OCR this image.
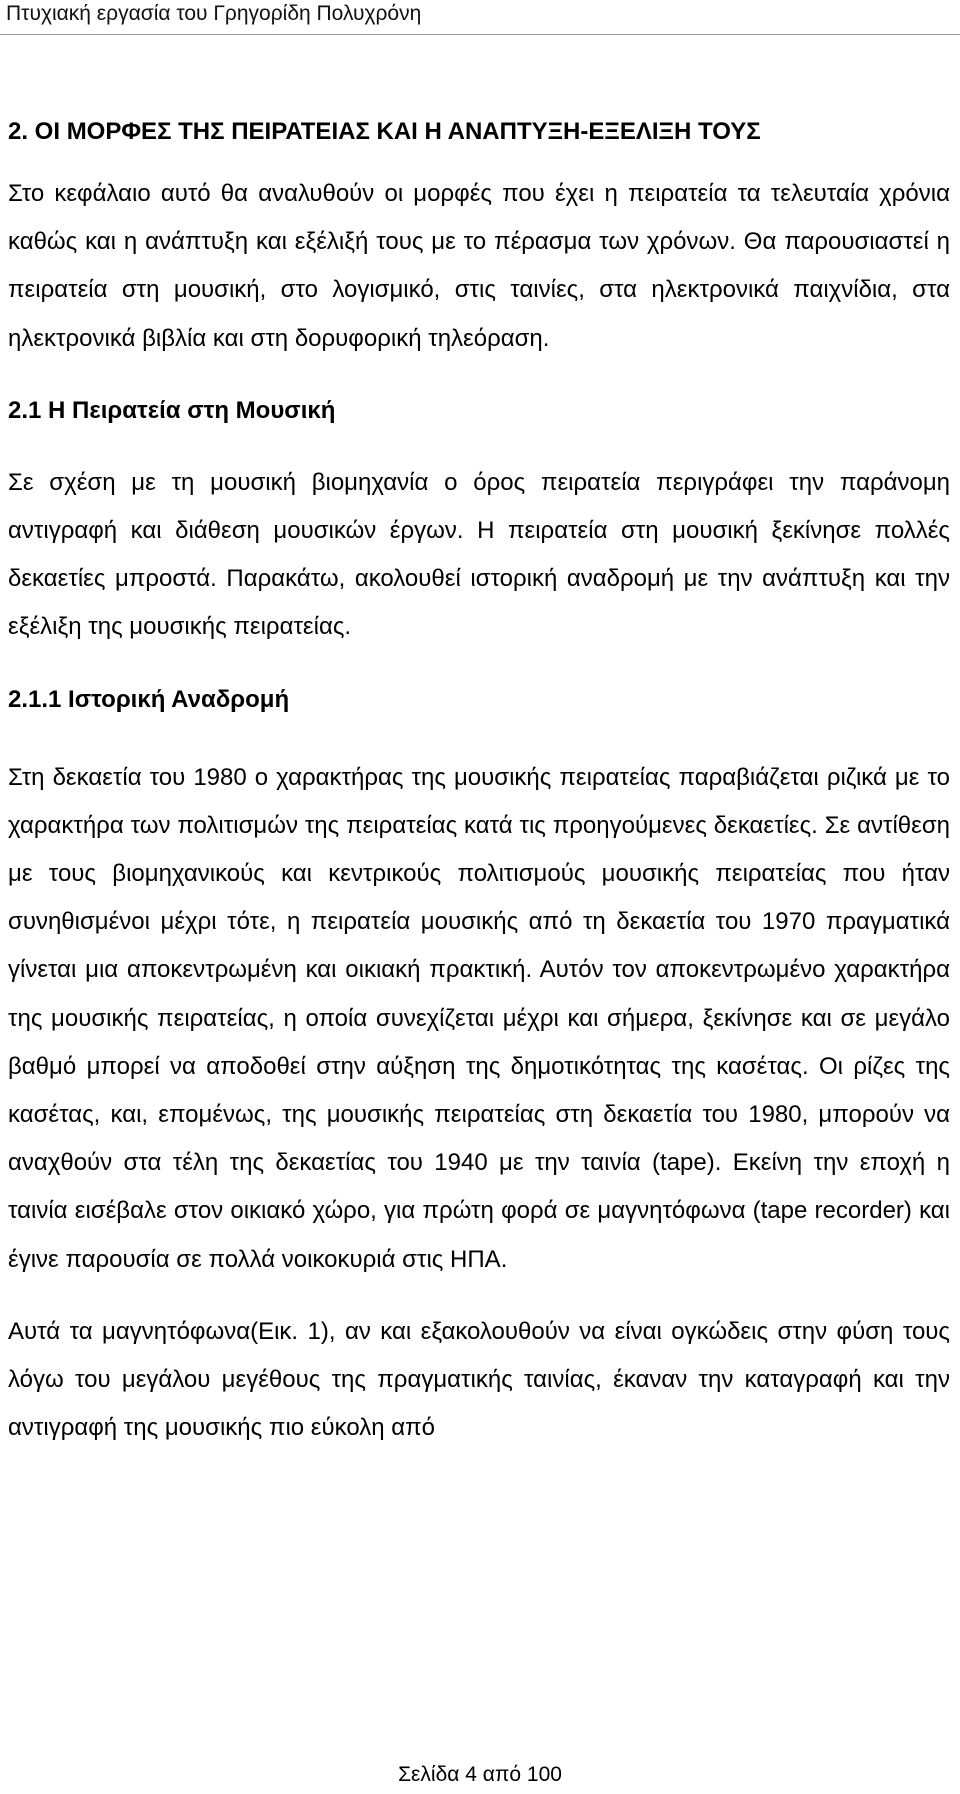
Πτυχιακή εργασία του Γρηγορίδη Πολυχρόνη
2. ΟΙ ΜΟΡΦΕΣ ΤΗΣ ΠΕΙΡΑΤΕΙΑΣ ΚΑΙ Η ΑΝΑΠΤΥΞΗ-ΕΞΕΛΙΞΗ ΤΟΥΣ

Στο κεφάλαιο αυτό θα αναλυθούν οι μορφές που έχει η πειρατεία τα τελευταία χρόνια καθώς και η ανάπτυξη και εξέλιξή τους με το πέρασμα των χρόνων. Θα παρουσιαστεί η πειρατεία στη μουσική, στο λογισμικό, στις ταινίες, στα ηλεκτρονικά παιχνίδια, στα ηλεκτρονικά βιβλία και στη δορυφορική τηλεόραση.

2.1 Η Πειρατεία στη Μουσική

Σε σχέση με τη μουσική βιομηχανία ο όρος πειρατεία περιγράφει την παράνομη αντιγραφή και διάθεση μουσικών έργων. Η πειρατεία στη μουσική ξεκίνησε πολλές δεκαετίες μπροστά. Παρακάτω, ακολουθεί ιστορική αναδρομή με την ανάπτυξη και την εξέλιξη της μουσικής πειρατείας.

2.1.1 Ιστορική Αναδρομή

Στη δεκαετία του 1980 ο χαρακτήρας της μουσικής πειρατείας παραβιάζεται ριζικά με το χαρακτήρα των πολιτισμών της πειρατείας κατά τις προηγούμενες δεκαετίες. Σε αντίθεση με τους βιομηχανικούς και κεντρικούς πολιτισμούς μουσικής πειρατείας που ήταν συνηθισμένοι μέχρι τότε, η πειρατεία μουσικής από τη δεκαετία του 1970 πραγματικά γίνεται μια αποκεντρωμένη και οικιακή πρακτική. Αυτόν τον αποκεντρωμένο χαρακτήρα της μουσικής πειρατείας, η οποία συνεχίζεται μέχρι και σήμερα, ξεκίνησε και σε μεγάλο βαθμό μπορεί να αποδοθεί στην αύξηση της δημοτικότητας της κασέτας. Οι ρίζες της κασέτας, και, επομένως, της μουσικής πειρατείας στη δεκαετία του 1980, μπορούν να αναχθούν στα τέλη της δεκαετίας του 1940 με την ταινία (tape). Εκείνη την εποχή η ταινία εισέβαλε στον οικιακό χώρο, για πρώτη φορά σε μαγνητόφωνα (tape recorder) και έγινε παρουσία σε πολλά νοικοκυριά στις ΗΠΑ.

Αυτά τα μαγνητόφωνα(Εικ. 1), αν και εξακολουθούν να είναι ογκώδεις στην φύση τους λόγω του μεγάλου μεγέθους της πραγματικής ταινίας, έκαναν την καταγραφή και την αντιγραφή της μουσικής πιο εύκολη από

Σελίδα 4 από 100
